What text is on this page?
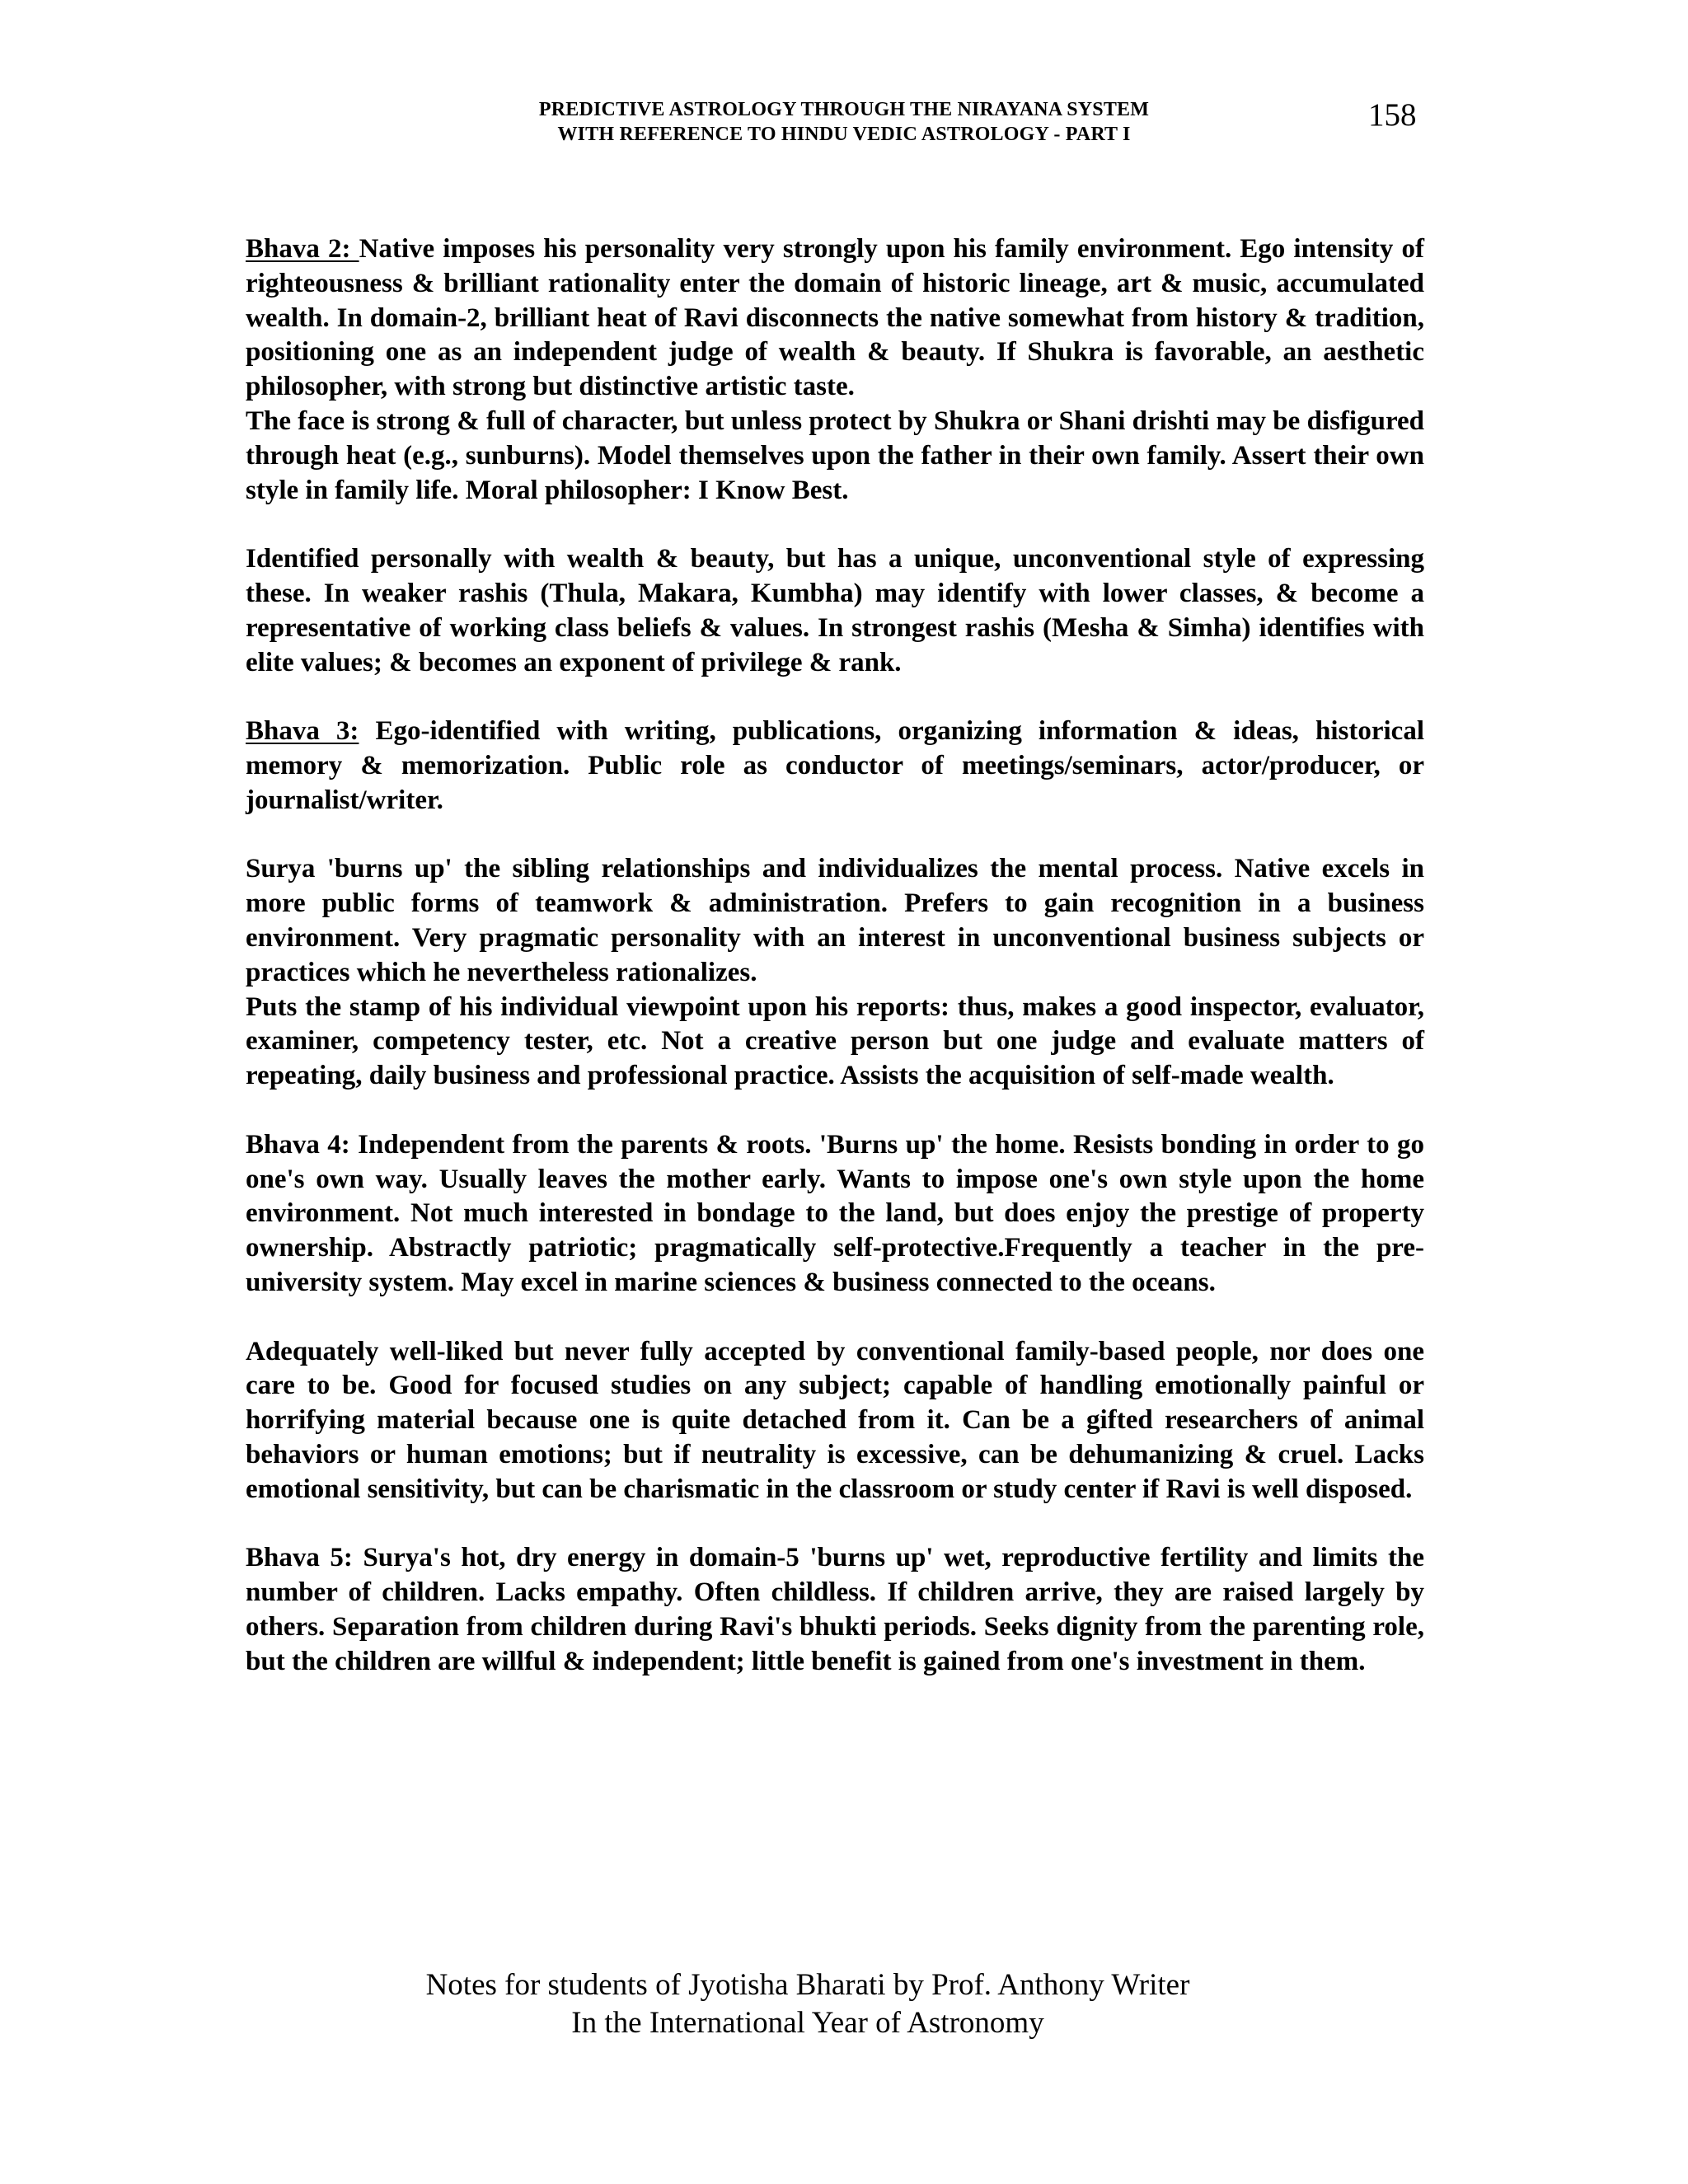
PREDICTIVE ASTROLOGY THROUGH THE NIRAYANA SYSTEM
WITH REFERENCE TO HINDU VEDIC ASTROLOGY - PART I
158

Bhava 2: Native imposes his personality very strongly upon his family environment. Ego intensity of righteousness & brilliant rationality enter the domain of historic lineage, art & music, accumulated wealth. In domain-2, brilliant heat of Ravi disconnects the native somewhat from history & tradition, positioning one as an independent judge of wealth & beauty. If Shukra is favorable, an aesthetic philosopher, with strong but distinctive artistic taste.

The face is strong & full of character, but unless protect by Shukra or Shani drishti may be disfigured through heat (e.g., sunburns). Model themselves upon the father in their own family. Assert their own style in family life. Moral philosopher: I Know Best.

Identified personally with wealth & beauty, but has a unique, unconventional style of expressing these. In weaker rashis (Thula, Makara, Kumbha) may identify with lower classes, & become a representative of working class beliefs & values. In strongest rashis (Mesha & Simha) identifies with elite values; & becomes an exponent of privilege & rank.

Bhava 3: Ego-identified with writing, publications, organizing information & ideas, historical memory & memorization. Public role as conductor of meetings/seminars, actor/producer, or journalist/writer.

Surya 'burns up' the sibling relationships and individualizes the mental process. Native excels in more public forms of teamwork & administration. Prefers to gain recognition in a business environment. Very pragmatic personality with an interest in unconventional business subjects or practices which he nevertheless rationalizes.

Puts the stamp of his individual viewpoint upon his reports: thus, makes a good inspector, evaluator, examiner, competency tester, etc. Not a creative person but one judge and evaluate matters of repeating, daily business and professional practice. Assists the acquisition of self-made wealth.

Bhava 4: Independent from the parents & roots. 'Burns up' the home. Resists bonding in order to go one's own way. Usually leaves the mother early. Wants to impose one's own style upon the home environment. Not much interested in bondage to the land, but does enjoy the prestige of property ownership. Abstractly patriotic; pragmatically self-protective.Frequently a teacher in the pre-university system. May excel in marine sciences & business connected to the oceans.

Adequately well-liked but never fully accepted by conventional family-based people, nor does one care to be. Good for focused studies on any subject; capable of handling emotionally painful or horrifying material because one is quite detached from it. Can be a gifted researchers of animal behaviors or human emotions; but if neutrality is excessive, can be dehumanizing & cruel. Lacks emotional sensitivity, but can be charismatic in the classroom or study center if Ravi is well disposed.

Bhava 5: Surya's hot, dry energy in domain-5 'burns up' wet, reproductive fertility and limits the number of children. Lacks empathy. Often childless. If children arrive, they are raised largely by others. Separation from children during Ravi's bhukti periods. Seeks dignity from the parenting role, but the children are willful & independent; little benefit is gained from one's investment in them.

Notes for students of Jyotisha Bharati by Prof. Anthony Writer
In the International Year of Astronomy
